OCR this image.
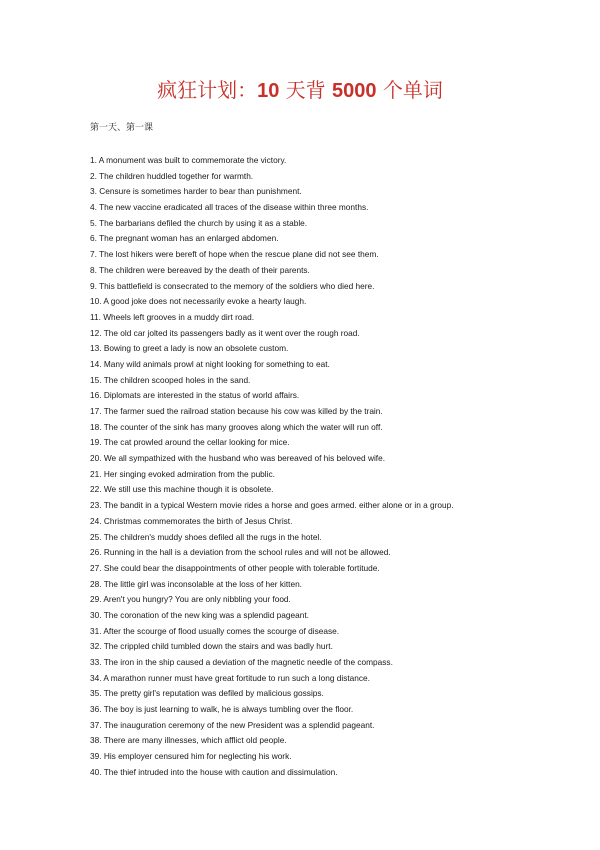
疯狂计划：10 天背 5000 个单词
第一天、第一课
1. A monument was built to commemorate the victory.
2. The children huddled together for warmth.
3. Censure is sometimes harder to bear than punishment.
4. The new vaccine eradicated all traces of the disease within three months.
5. The barbarians defiled the church by using it as a stable.
6. The pregnant woman has an enlarged abdomen.
7. The lost hikers were bereft of hope when the rescue plane did not see them.
8. The children were bereaved by the death of their parents.
9. This battlefield is consecrated to the memory of the soldiers who died here.
10. A good joke does not necessarily evoke a hearty laugh.
11. Wheels left grooves in a muddy dirt road.
12. The old car jolted its passengers badly as it went over the rough road.
13. Bowing to greet a lady is now an obsolete custom.
14. Many wild animals prowl at night looking for something to eat.
15. The children scooped holes in the sand.
16. Diplomats are interested in the status of world affairs.
17. The farmer sued the railroad station because his cow was killed by the train.
18. The counter of the sink has many grooves along which the water will run off.
19. The cat prowled around the cellar looking for mice.
20. We all sympathized with the husband who was bereaved of his beloved wife.
21. Her singing evoked admiration from the public.
22. We still use this machine though it is obsolete.
23. The bandit in a typical Western movie rides a horse and goes armed. either alone or in a group.
24. Christmas commemorates the birth of Jesus Christ.
25. The children's muddy shoes defiled all the rugs in the hotel.
26. Running in the hall is a deviation from the school rules and will not be allowed.
27. She could bear the disappointments of other people with tolerable fortitude.
28. The little girl was inconsolable at the loss of her kitten.
29. Aren't you hungry? You are only nibbling your food.
30. The coronation of the new king was a splendid pageant.
31. After the scourge of flood usually comes the scourge of disease.
32. The crippled child tumbled down the stairs and was badly hurt.
33. The iron in the ship caused a deviation of the magnetic needle of the compass.
34. A marathon runner must have great fortitude to run such a long distance.
35. The pretty girl's reputation was defiled by malicious gossips.
36. The boy is just learning to walk, he is always tumbling over the floor.
37. The inauguration ceremony of the new President was a splendid pageant.
38. There are many illnesses, which afflict old people.
39. His employer censured him for neglecting his work.
40. The thief intruded into the house with caution and dissimulation.
